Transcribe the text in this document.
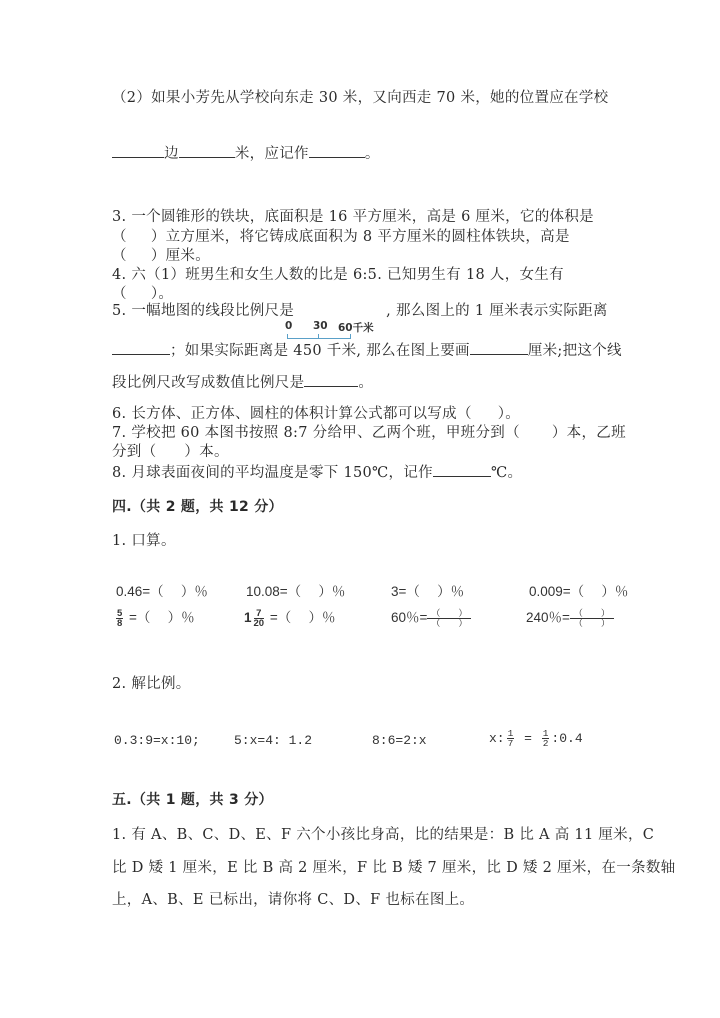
（2）如果小芳先从学校向东走 30 米，又向西走 70 米，她的位置应在学校
边	米，应记作	。
3. 一个圆锥形的铁块，底面积是 16 平方厘米，高是 6 厘米，它的体积是
（ ）立方厘米，将它铸成底面积为 8 平方厘米的圆柱体铁块，高是
（ ）厘米。
4. 六（1）班男生和女生人数的比是 6:5. 已知男生有 18 人，女生有
（ ）。
5. 一幅地图的线段比例尺是	, 那么图上的 1 厘米表示实际距离
0 30 60千米
；如果实际距离是 450 千米, 那么在图上要画	厘米;把这个线
段比例尺改写成数值比例尺是	。
6. 长方体、正方体、圆柱的体积计算公式都可以写成（ ）。
7. 学校把 60 本图书按照 8:7 分给甲、乙两个班，甲班分到（ ）本，乙班
分到（ ）本。
8. 月球表面夜间的平均温度是零下 150℃，记作	℃。
四.（共 2 题，共 12 分）
1. 口算。
0.46=（　 ）％	10.08=（　 ）％	3=（　 ）％	0.009=（　 ）％
$\frac{5}{8}$ =（　 ）％	$1 \frac{7}{20}$ =（　 ）％	60％= $\frac{( )}{( )}$	240％= $\frac{( )}{( )}$
2. 解比例。
0.3:9=x:10;	5:x=4: 1.2	8:6=2:x	x: $\frac{1}{7} = \frac{1}{2}$ :0.4
五.（共 1 题，共 3 分）
1. 有 A、B、C、D、E、F 六个小孩比身高，比的结果是：B 比 A 高 11 厘米，C
比 D 矮 1 厘米，E 比 B 高 2 厘米，F 比 B 矮 7 厘米，比 D 矮 2 厘米，在一条数轴
上，A、B、E 已标出，请你将 C、D、F 也标在图上。
